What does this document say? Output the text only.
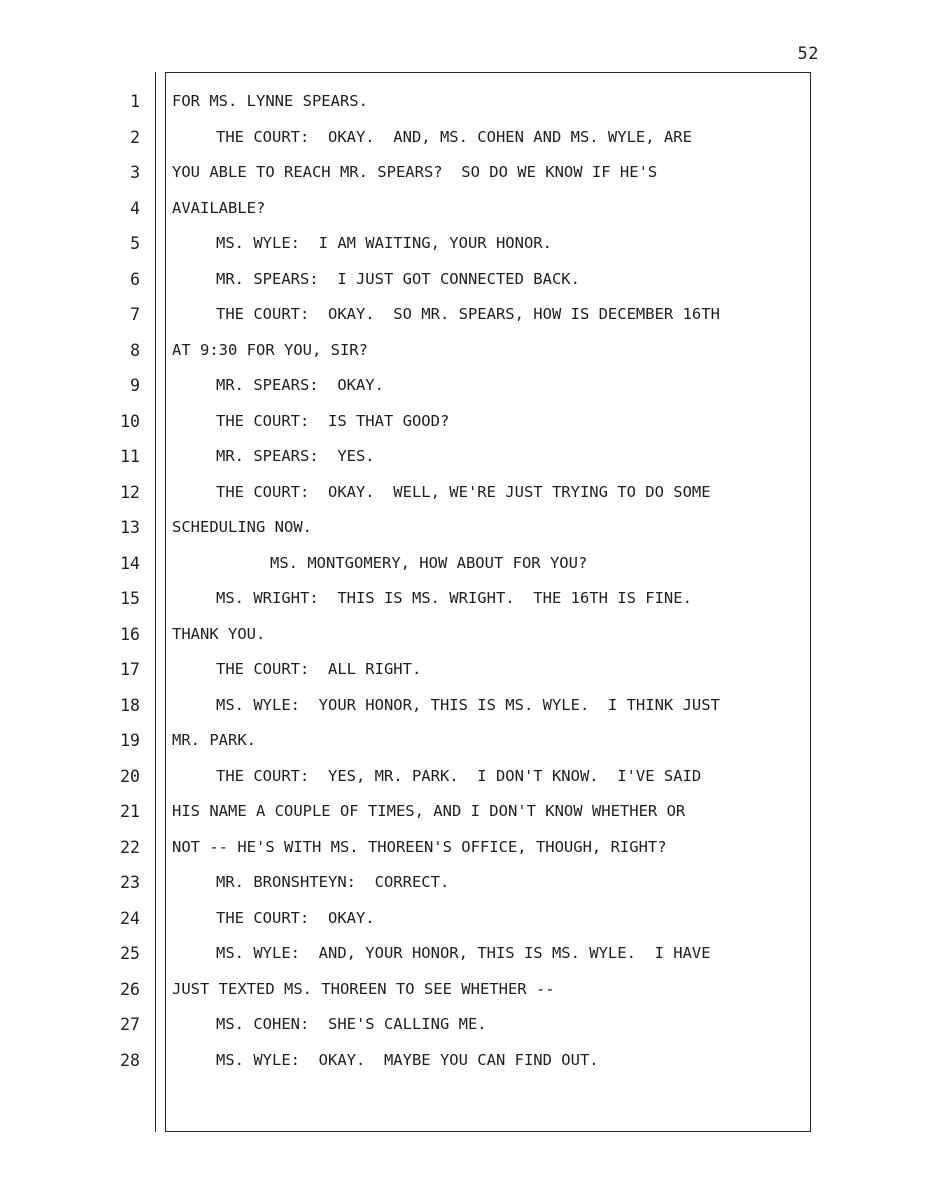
52
1
2
3
4
5
6
7
8
9
10
11
12
13
14
15
16
17
18
19
20
21
22
23
24
25
26
27
28
FOR MS. LYNNE SPEARS.
THE COURT:  OKAY.  AND, MS. COHEN AND MS. WYLE, ARE
YOU ABLE TO REACH MR. SPEARS?  SO DO WE KNOW IF HE'S
AVAILABLE?
MS. WYLE:  I AM WAITING, YOUR HONOR.
MR. SPEARS:  I JUST GOT CONNECTED BACK.
THE COURT:  OKAY.  SO MR. SPEARS, HOW IS DECEMBER 16TH
AT 9:30 FOR YOU, SIR?
MR. SPEARS:  OKAY.
THE COURT:  IS THAT GOOD?
MR. SPEARS:  YES.
THE COURT:  OKAY.  WELL, WE'RE JUST TRYING TO DO SOME
SCHEDULING NOW.
MS. MONTGOMERY, HOW ABOUT FOR YOU?
MS. WRIGHT:  THIS IS MS. WRIGHT.  THE 16TH IS FINE.
THANK YOU.
THE COURT:  ALL RIGHT.
MS. WYLE:  YOUR HONOR, THIS IS MS. WYLE.  I THINK JUST
MR. PARK.
THE COURT:  YES, MR. PARK.  I DON'T KNOW.  I'VE SAID
HIS NAME A COUPLE OF TIMES, AND I DON'T KNOW WHETHER OR
NOT -- HE'S WITH MS. THOREEN'S OFFICE, THOUGH, RIGHT?
MR. BRONSHTEYN:  CORRECT.
THE COURT:  OKAY.
MS. WYLE:  AND, YOUR HONOR, THIS IS MS. WYLE.  I HAVE
JUST TEXTED MS. THOREEN TO SEE WHETHER --
MS. COHEN:  SHE'S CALLING ME.
MS. WYLE:  OKAY.  MAYBE YOU CAN FIND OUT.
